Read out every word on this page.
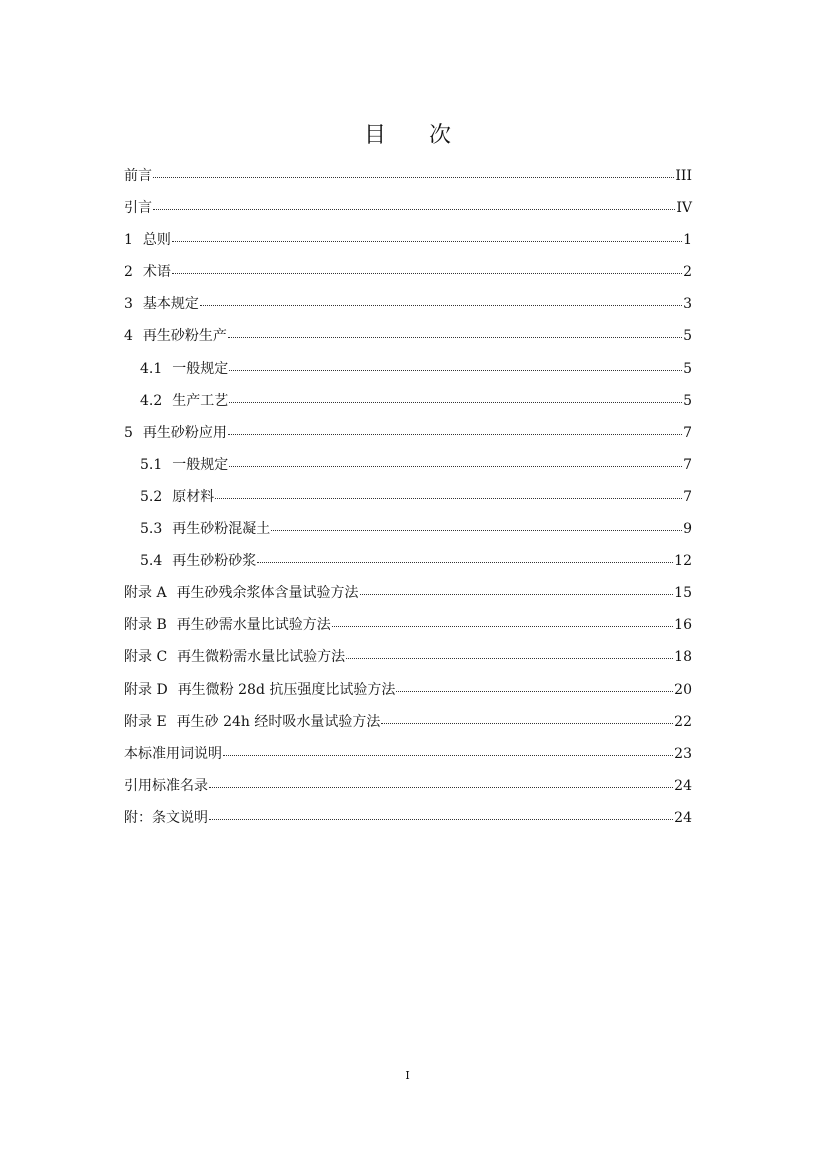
目 次
前言	III
引言	IV
1 总则	1
2 术语	2
3 基本规定	3
4 再生砂粉生产	5
4.1 一般规定	5
4.2 生产工艺	5
5 再生砂粉应用	7
5.1 一般规定	7
5.2 原材料	7
5.3 再生砂粉混凝土	9
5.4 再生砂粉砂浆	12
附录 A 再生砂残余浆体含量试验方法	15
附录 B 再生砂需水量比试验方法	16
附录 C 再生微粉需水量比试验方法	18
附录 D 再生微粉 28d 抗压强度比试验方法	20
附录 E 再生砂 24h 经时吸水量试验方法	22
本标准用词说明	23
引用标准名录	24
附：条文说明	24
I
